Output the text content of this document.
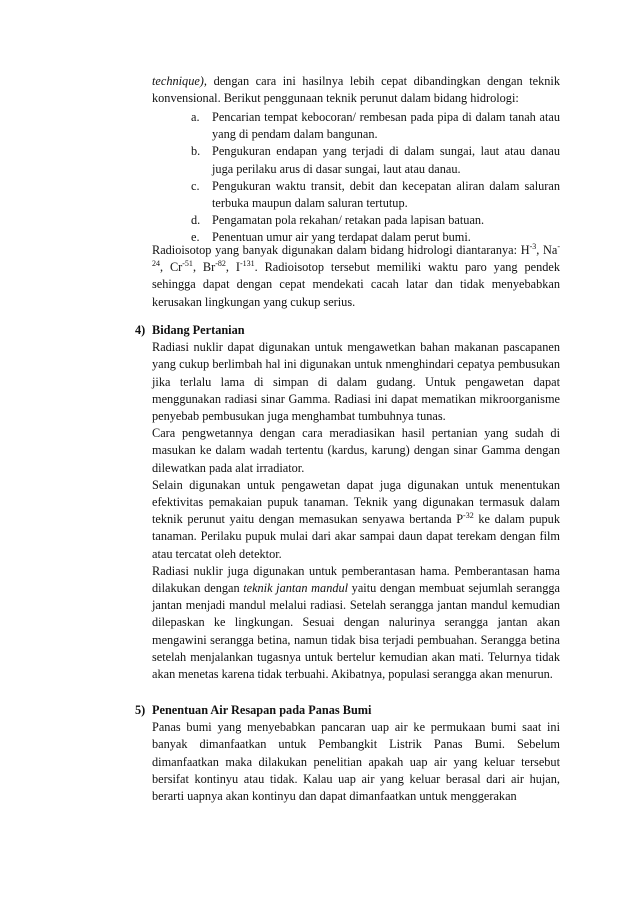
technique), dengan cara ini hasilnya lebih cepat dibandingkan dengan teknik konvensional. Berikut penggunaan teknik perunut dalam bidang hidrologi:

a. Pencarian tempat kebocoran/ rembesan pada pipa di dalam tanah atau yang di pendam dalam bangunan.
b. Pengukuran endapan yang terjadi di dalam sungai, laut atau danau juga perilaku arus di dasar sungai, laut atau danau.
c. Pengukuran waktu transit, debit dan kecepatan aliran dalam saluran terbuka maupun dalam saluran tertutup.
d. Pengamatan pola rekahan/ retakan pada lapisan batuan.
e. Penentuan umur air yang terdapat dalam perut bumi.

Radioisotop yang banyak digunakan dalam bidang hidrologi diantaranya: $H^{-3}$, $Na^{-24}$, $Cr^{-51}$, $Br^{-82}$, $I^{-131}$. Radioisotop tersebut memiliki waktu paro yang pendek sehingga dapat dengan cepat mendekati cacah latar dan tidak menyebabkan kerusakan lingkungan yang cukup serius.

4) Bidang Pertanian

Radiasi nuklir dapat digunakan untuk mengawetkan bahan makanan pascapanen yang cukup berlimbah hal ini digunakan untuk nmenghindari cepatya pembusukan jika terlalu lama di simpan di dalam gudang. Untuk pengawetan dapat menggunakan radiasi sinar Gamma. Radiasi ini dapat mematikan mikroorganisme penyebab pembusukan juga menghambat tumbuhnya tunas.

Cara pengwetannya dengan cara meradiasikan hasil pertanian yang sudah di masukan ke dalam wadah tertentu (kardus, karung) dengan sinar Gamma dengan dilewatkan pada alat irradiator.

Selain digunakan untuk pengawetan dapat juga digunakan untuk menentukan efektivitas pemakaian pupuk tanaman. Teknik yang digunakan termasuk dalam teknik perunut yaitu dengan memasukan senyawa bertanda $P^{-32}$ ke dalam pupuk tanaman. Perilaku pupuk mulai dari akar sampai daun dapat terekam dengan film atau tercatat oleh detektor.

Radiasi nuklir juga digunakan untuk pemberantasan hama. Pemberantasan hama dilakukan dengan teknik jantan mandul yaitu dengan membuat sejumlah serangga jantan menjadi mandul melalui radiasi. Setelah serangga jantan mandul kemudian dilepaskan ke lingkungan. Sesuai dengan nalurinya serangga jantan akan mengawini serangga betina, namun tidak bisa terjadi pembuahan. Serangga betina setelah menjalankan tugasnya untuk bertelur kemudian akan mati. Telurnya tidak akan menetas karena tidak terbuahi. Akibatnya, populasi serangga akan menurun.

5) Penentuan Air Resapan pada Panas Bumi

Panas bumi yang menyebabkan pancaran uap air ke permukaan bumi saat ini banyak dimanfaatkan untuk Pembangkit Listrik Panas Bumi. Sebelum dimanfaatkan maka dilakukan penelitian apakah uap air yang keluar tersebut bersifat kontinyu atau tidak. Kalau uap air yang keluar berasal dari air hujan, berarti uapnya akan kontinyu dan dapat dimanfaatkan untuk menggerakan
